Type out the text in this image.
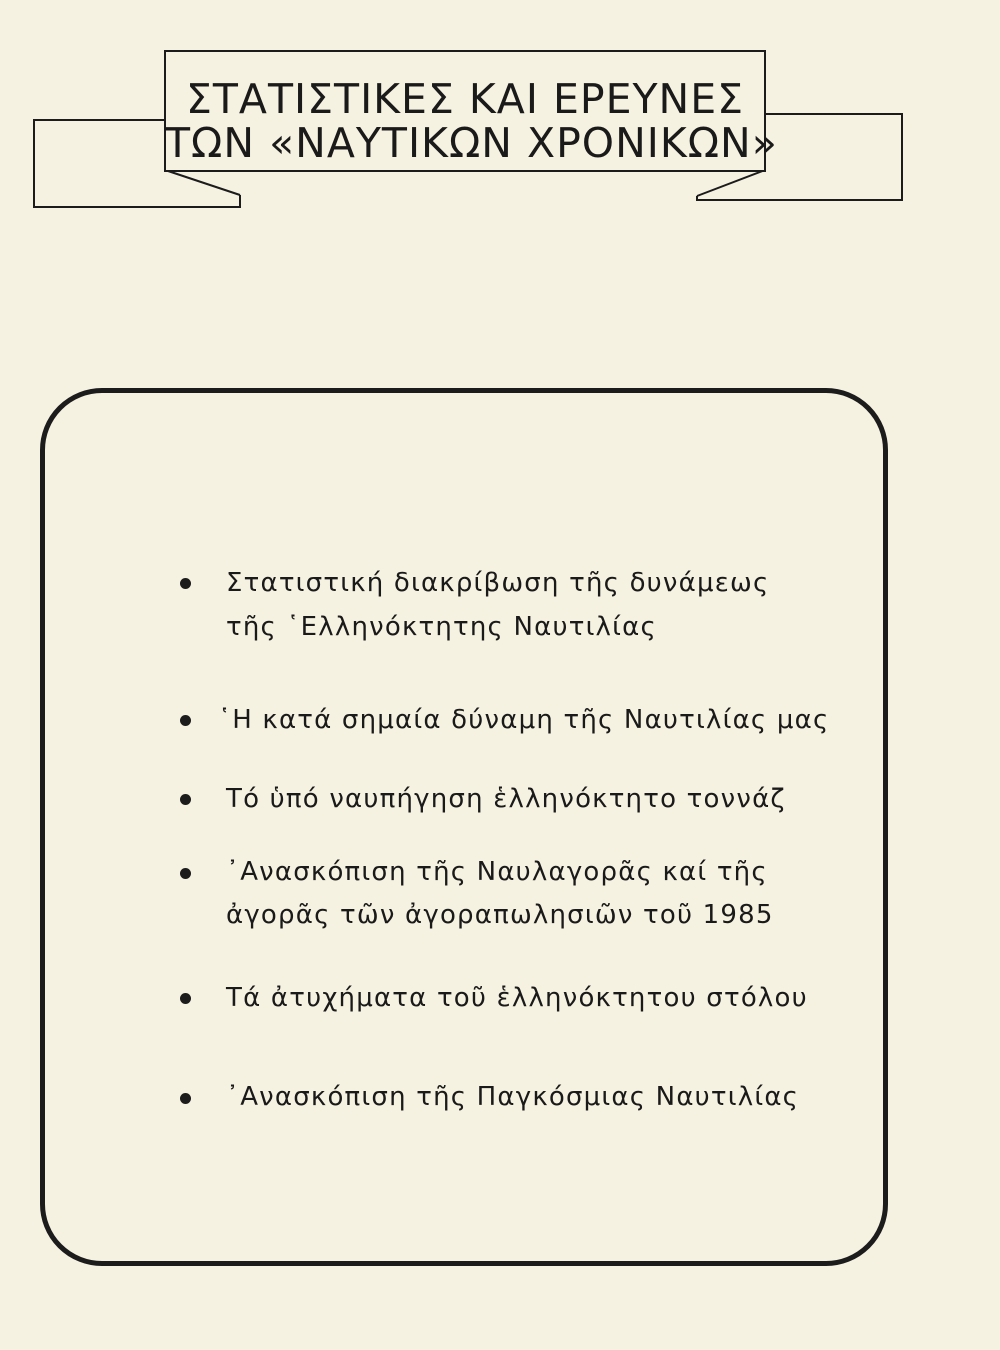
ΣΤΑΤΙΣΤΙΚΕΣ ΚΑΙ ΕΡΕΥΝΕΣ
ΤΩΝ «ΝΑΥΤΙΚΩΝ ΧΡΟΝΙΚΩΝ»
Στατιστική διακρίβωση τῆς δυνάμεως
τῆς ῾Ελληνόκτητης Ναυτιλίας
῾Η κατά σημαία δύναμη τῆς Ναυτιλίας μας
Τό ὑπό ναυπήγηση ἑλληνόκτητο τοννάζ
᾿Ανασκόπιση τῆς Ναυλαγορᾶς καί τῆς
ἀγορᾶς τῶν ἀγοραπωλησιῶν τοῦ 1985
Τά ἀτυχήματα τοῦ ἑλληνόκτητου στόλου
᾿Ανασκόπιση τῆς Παγκόσμιας Ναυτιλίας
